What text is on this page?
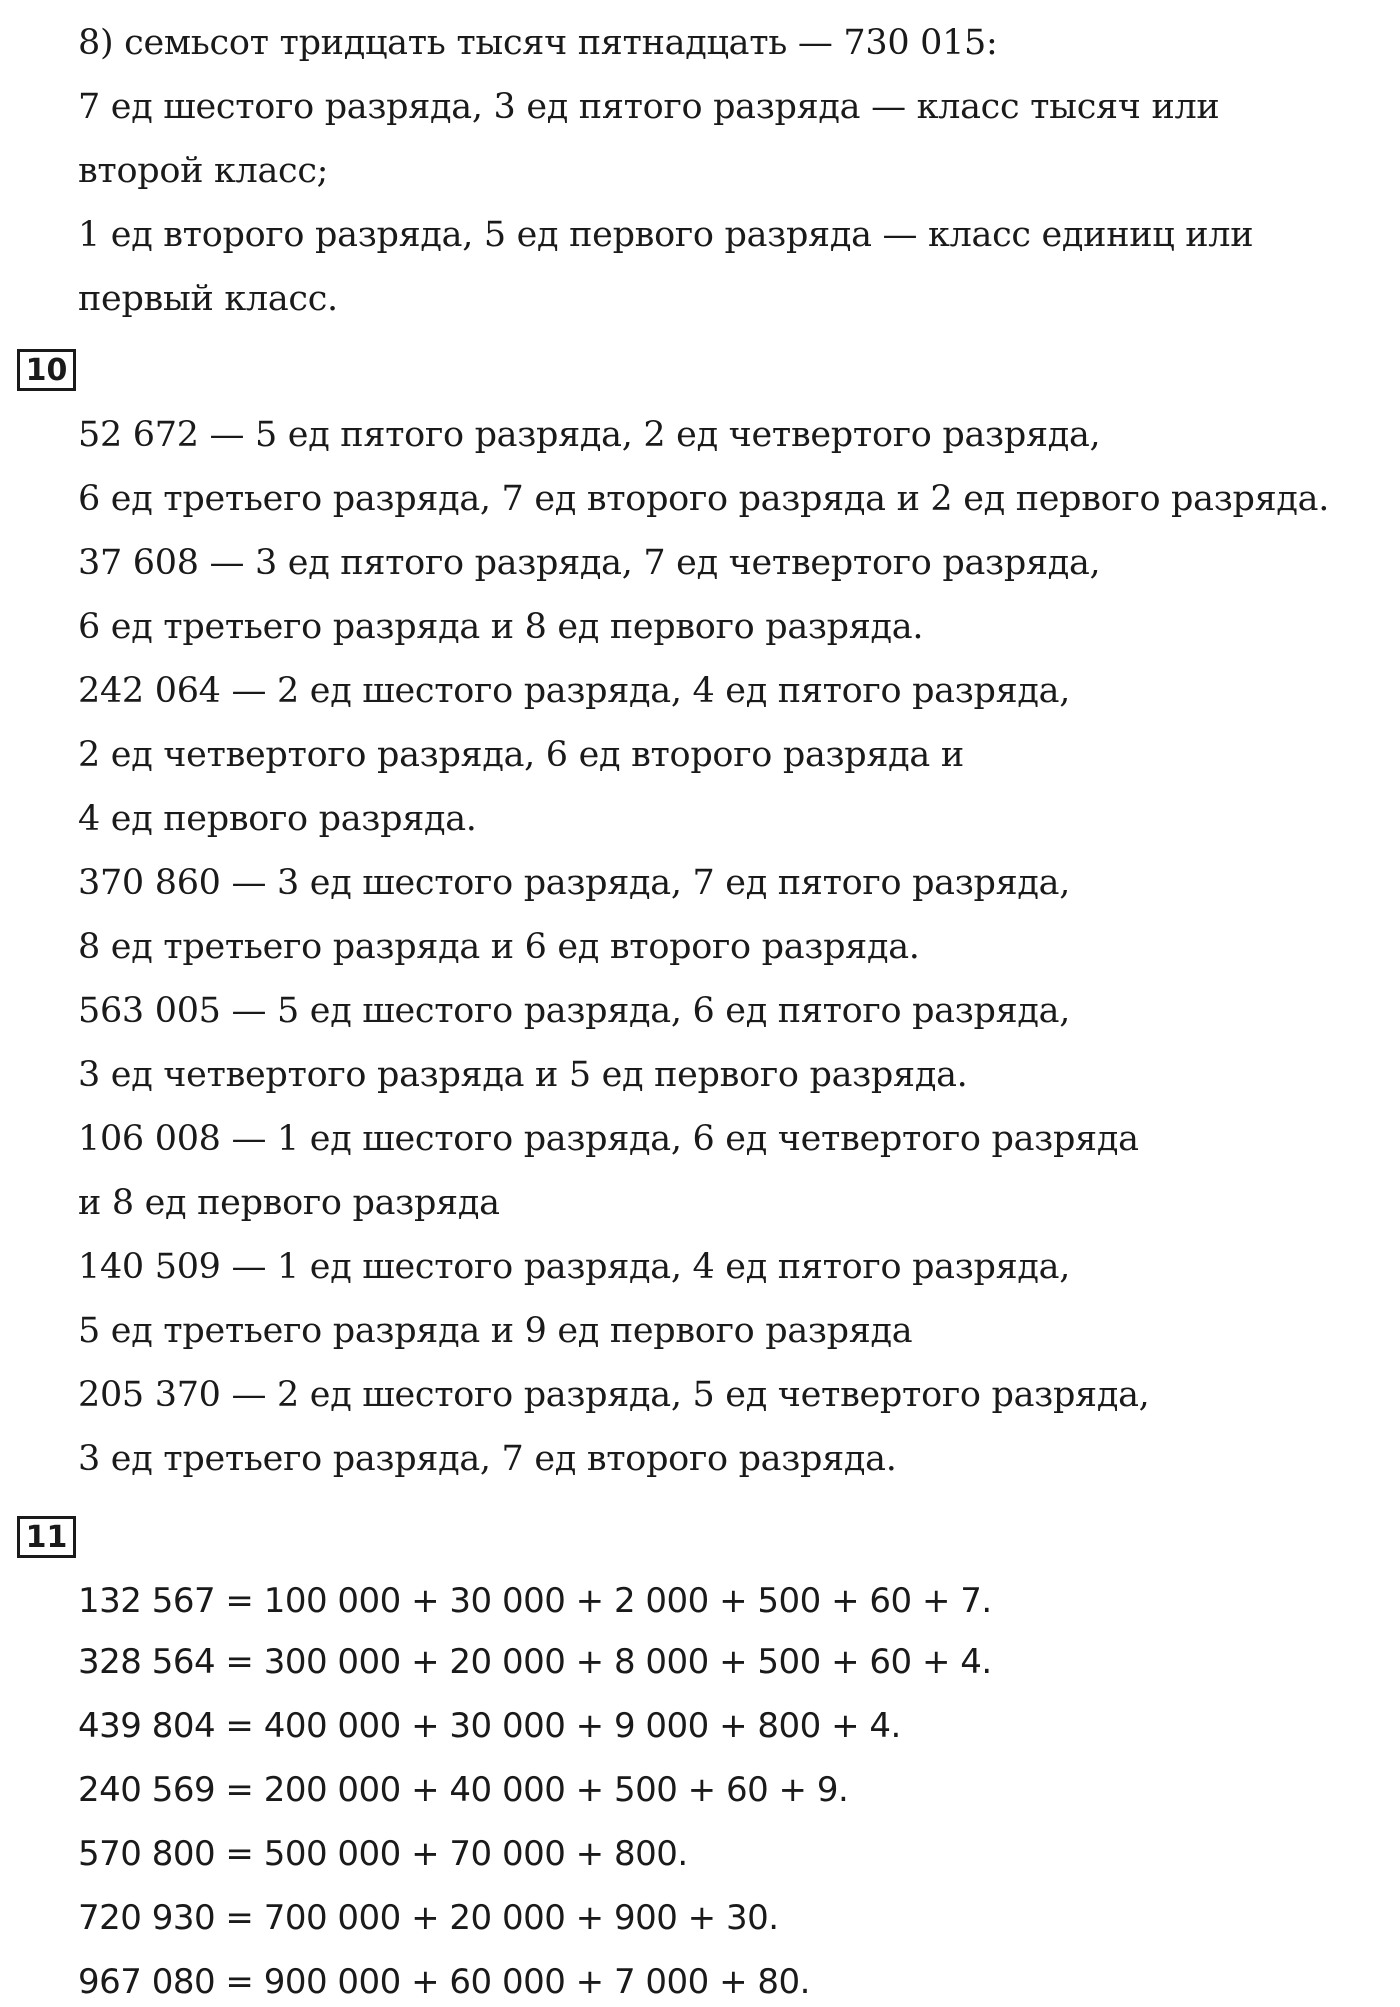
8) семьсот тридцать тысяч пятнадцать — 730 015:
7 ед шестого разряда, 3 ед пятого разряда — класс тысяч или
второй класс;
1 ед второго разряда, 5 ед первого разряда — класс единиц или
первый класс.
10
52 672 — 5 ед пятого разряда, 2 ед четвертого разряда,
6 ед третьего разряда, 7 ед второго разряда и 2 ед первого разряда.
37 608 — 3 ед пятого разряда, 7 ед четвертого разряда,
6 ед третьего разряда и 8 ед первого разряда.
242 064 — 2 ед шестого разряда, 4 ед пятого разряда,
2 ед четвертого разряда, 6 ед второго разряда и
4 ед первого разряда.
370 860 — 3 ед шестого разряда, 7 ед пятого разряда,
8 ед третьего разряда и 6 ед второго разряда.
563 005 — 5 ед шестого разряда, 6 ед пятого разряда,
3 ед четвертого разряда и 5 ед первого разряда.
106 008 — 1 ед шестого разряда, 6 ед четвертого разряда
и 8 ед первого разряда
140 509 — 1 ед шестого разряда, 4 ед пятого разряда,
5 ед третьего разряда и 9 ед первого разряда
205 370 — 2 ед шестого разряда, 5 ед четвертого разряда,
3 ед третьего разряда, 7 ед второго разряда.
11
132 567 = 100 000 + 30 000 + 2 000 + 500 + 60 + 7.
328 564 = 300 000 + 20 000 + 8 000 + 500 + 60 + 4.
439 804 = 400 000 + 30 000 + 9 000 + 800 + 4.
240 569 = 200 000 + 40 000 + 500 + 60 + 9.
570 800 = 500 000 + 70 000 + 800.
720 930 = 700 000 + 20 000 + 900 + 30.
967 080 = 900 000 + 60 000 + 7 000 + 80.
